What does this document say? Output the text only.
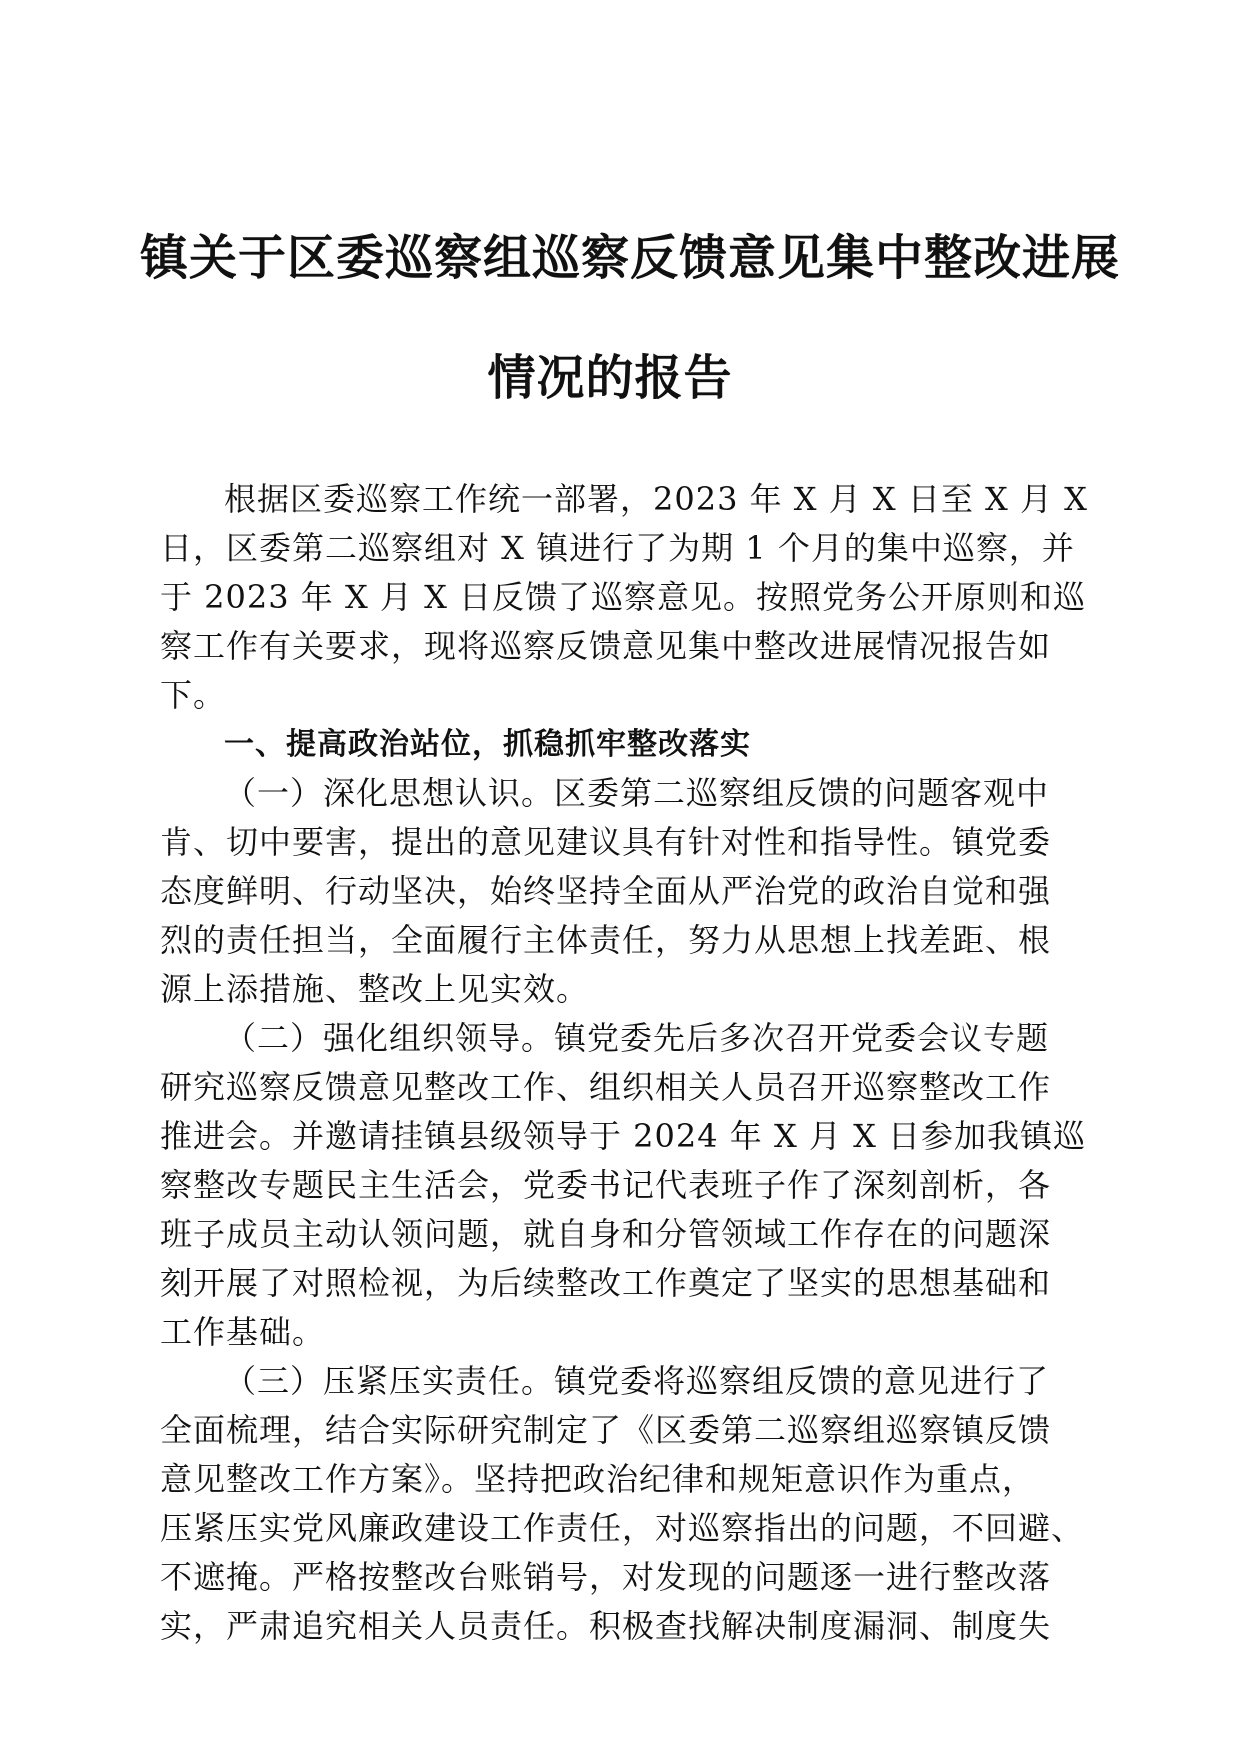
镇关于区委巡察组巡察反馈意见集中整改进展
情况的报告
根据区委巡察工作统一部署，2023 年 X 月 X 日至 X 月 X
日，区委第二巡察组对 X 镇进行了为期 1 个月的集中巡察，并
于 2023 年 X 月 X 日反馈了巡察意见。按照党务公开原则和巡
察工作有关要求，现将巡察反馈意见集中整改进展情况报告如
下。
一、提高政治站位，抓稳抓牢整改落实
（一）深化思想认识。区委第二巡察组反馈的问题客观中
肯、切中要害，提出的意见建议具有针对性和指导性。镇党委
态度鲜明、行动坚决，始终坚持全面从严治党的政治自觉和强
烈的责任担当，全面履行主体责任，努力从思想上找差距、根
源上添措施、整改上见实效。
（二）强化组织领导。镇党委先后多次召开党委会议专题
研究巡察反馈意见整改工作、组织相关人员召开巡察整改工作
推进会。并邀请挂镇县级领导于 2024 年 X 月 X 日参加我镇巡
察整改专题民主生活会，党委书记代表班子作了深刻剖析，各
班子成员主动认领问题，就自身和分管领域工作存在的问题深
刻开展了对照检视，为后续整改工作奠定了坚实的思想基础和
工作基础。
（三）压紧压实责任。镇党委将巡察组反馈的意见进行了
全面梳理，结合实际研究制定了《区委第二巡察组巡察镇反馈
意见整改工作方案》。坚持把政治纪律和规矩意识作为重点，
压紧压实党风廉政建设工作责任，对巡察指出的问题，不回避、
不遮掩。严格按整改台账销号，对发现的问题逐一进行整改落
实，严肃追究相关人员责任。积极查找解决制度漏洞、制度失
